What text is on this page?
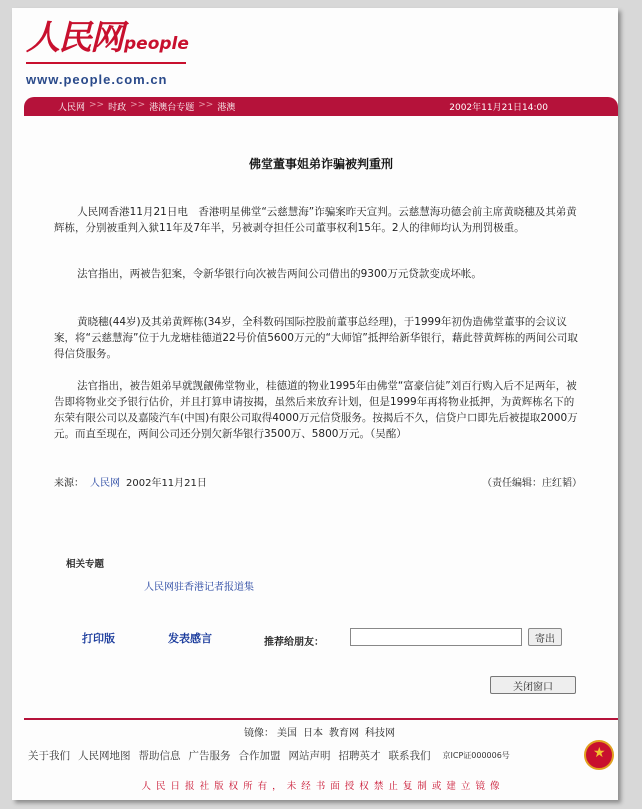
人民网 people
www.people.com.cn
人民网 >> 时政 >> 港澳台专题 >> 港澳	2002年11月21日14:00
佛堂董事姐弟诈骗被判重刑

人民网香港11月21日电　香港明星佛堂“云慈慧海”诈骗案昨天宣判。云慈慧海功德会前主席黄晓穗及其弟黄辉栋，分别被重判入狱11年及7年半，另被剥夺担任公司董事权利15年。2人的律师均认为刑罚极重。

法官指出，两被告犯案，令新华银行向次被告两间公司借出的9300万元贷款变成坏帐。

黄晓穗(44岁)及其弟黄辉栋(34岁，全科数码国际控股前董事总经理)，于1999年初伪造佛堂董事的会议议案，将“云慈慧海”位于九龙塘桂德道22号价值5600万元的“大师馆”抵押给新华银行，藉此替黄辉栋的两间公司取得信贷服务。

法官指出，被告姐弟早就觊觎佛堂物业，桂德道的物业1995年由佛堂“富豪信徒”刘百行购入后不足两年，被告即将物业交予银行估价，并且打算申请按揭，虽然后来放弃计划，但是1999年再将物业抵押，为黄辉栋名下的东荣有限公司以及嘉陵汽车(中国)有限公司取得4000万元信贷服务。按揭后不久，信贷户口即先后被提取2000万元。而直至现在，两间公司还分别欠新华银行3500万、5800万元。（吴酩）

来源： 人民网 2002年11月21日	（责任编辑：庄红韬）
相关专题
人民网驻香港记者报道集
打印版	发表感言	推荐给朋友：	寄出
关闭窗口
镜像： 美国 日本 教育网 科技网
关于我们 人民网地图 帮助信息 广告服务 合作加盟 网站声明 招聘英才 联系我们 京ICP证000006号
★
人 民 日 报 社 版 权 所 有 ， 未 经 书 面 授 权 禁 止 复 制 或 建 立 镜 像
